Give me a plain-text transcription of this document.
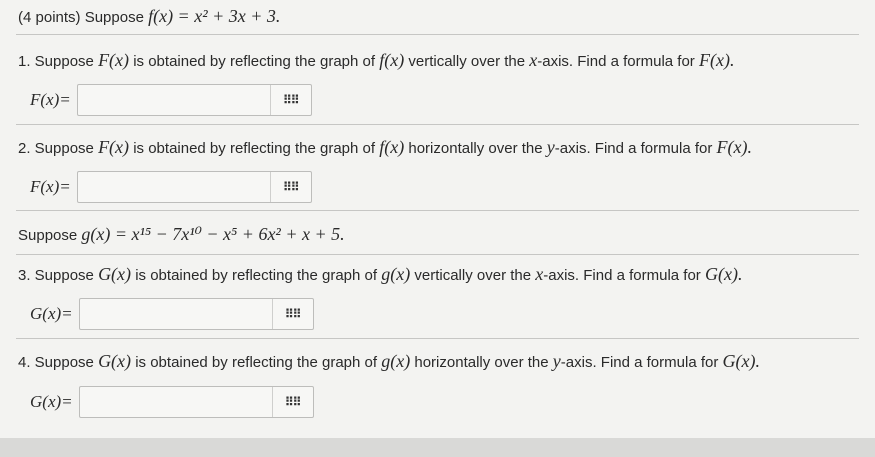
(4 points) Suppose f(x) = x² + 3x + 3.
1. Suppose F(x) is obtained by reflecting the graph of f(x) vertically over the x-axis. Find a formula for F(x).
F(x)=	⠿⠿
2. Suppose F(x) is obtained by reflecting the graph of f(x) horizontally over the y-axis. Find a formula for F(x).
F(x)=	⠿⠿
Suppose g(x) = x¹⁵ − 7x¹⁰ − x⁵ + 6x² + x + 5.
3. Suppose G(x) is obtained by reflecting the graph of g(x) vertically over the x-axis. Find a formula for G(x).
G(x)=	⠿⠿
4. Suppose G(x) is obtained by reflecting the graph of g(x) horizontally over the y-axis. Find a formula for G(x).
G(x)=	⠿⠿
